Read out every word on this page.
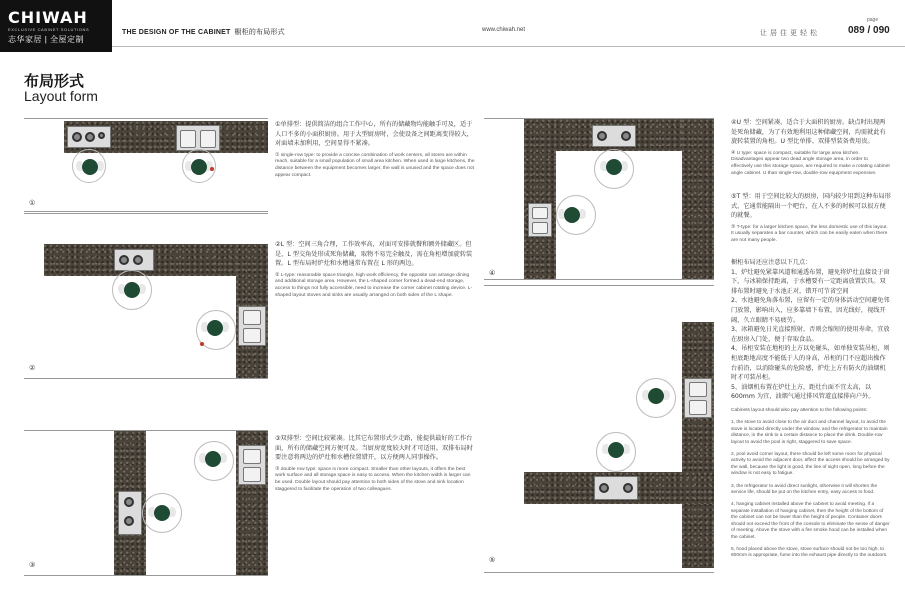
CHIWAH
EXCLUSIVE CABINET SOLUTIONS
志华家居 | 全屋定制
THE DESIGN OF THE CABINET 橱柜的布局形式	www.chiwah.net	让居住更轻松
page
089 / 090
布局形式
Layout form
①
②
③
④
⑤
①单排型：提供简洁的组合工作中心，所有的储藏物均能触手可及，适于人口不多的小面积厨房。用于大型厨房时，会使设备之间距离变得较大，对面墙未加利用，空间显得不紧凑。
① single-row type: to provide a concise combination of work centers, all stores are within reach, suitable for a small population of small area kitchen. When used in large kitchens, the distance between the equipment becomes larger, the wall is unused and the space does not appear compact.
②L 型：空间三角合理，工作效率高，对面可安排就餐和额外储藏区。但是，L 型交角处形成死角储藏，取物不易完全触及，需在角柜增加旋转装置。L 型布局时炉灶和水槽通常布置在 L 形的两边。
② L-type: reasonable space triangle, high work efficiency, the opposite can arrange dining and additional storage area. However, the L-shaped corner formed a dead-end storage, access to things not fully accessible, need to increase the corner cabinet rotating device. L-shaped layout stoves and sinks are usually arranged on both sides of the L shape.
③双排型：空间比较紧凑。比其它布置形式少走路，能提供最好的工作台面，所有的储藏空间方便可及。当厨房宽度较大时才可适用。双排布局时要注意将两边的炉灶和水槽位置错开，以方便两人同事操作。
③ double row type: space is more compact. Smaller than other layouts, it offers the best work surface and all storage space is easy to access. When the kitchen width is larger can be used. Double layout should pay attention to both sides of the stove and sink location staggered to facilitate the operation of two colleagues.
④U 型：空间紧凑，适合于大面积的厨房。缺点时出现两处死角储藏，为了有效地利用这种储藏空间，均需就此有旋转装置的角柜。U 型比单排、双排型装备费用贵。
④ U type: space is compact, suitable for large area kitchen. Disadvantages appear two dead angle storage area, in order to effectively use this storage space, are required to make a rotating cabinet angle cabinet. U than single-row, double-row equipment expensive.
⑤T 型：用于空间比较大的厨房，国内较少用到这种布局形式，它通常能隔出一个吧台，在人不多的时候可以很方便的就餐。
⑤ T-type: for a larger kitchen space, the less domestic use of this layout. It usually separates a bar counter, which can be easily eaten when there are not many people.
橱柜布局还应注意以下几点：
1、炉灶避免紧靠风道和通透布置，避免将炉灶直接设于窗下，与冰箱保持距离，于水槽要有一定距离放置饮具。双排布置时避免于水池正对，错开可节省空间
2、水池避免角落布置，应留有一定的身体活动空间避免邻门放置，影响出入，应多靠墙下布置，因光线好，视线开阔，久立眼睛不易疲劳。
3、冰箱避免日光直接照射，否则会缩短的使用寿命，宜放在厨房入门处，便于存取食品。
4、吊柜安装在地柜的上方以免碰头，如单独安装吊柜，则柜底距地高度不能低于人的身高，吊柜的门不应超出操作台前沿，以消除碰头的危险感，炉灶上方有防火的油烟机时才可装吊柜。
5、油烟机布置在炉灶上方，距灶台面不宜太高，以600mm 为宜，油烟气通过排风管道直接排向户外。
Cabinets layout should also pay attention to the following points:
1, the stove to avoid close to the air duct and channel layout, to avoid the stove is located directly under the window, and the refrigerator to maintain distance, in the sink to a certain distance to place the drink. Double-row layout to avoid the pool is right, staggered to save space.
2, pool avoid corner layout, there should be left some room for physical activity to avoid the adjacent door, affect the access should be arranged by the wall, because the light is good, the line of sight open, long before the window is not easy to fatigue.
3, the refrigerator to avoid direct sunlight, otherwise it will shorten the service life, should be put on the kitchen entry, easy access to food.
4, hanging cabinet installed above the cabinet to avoid meeting. If a separate installation of hanging cabinet, then the height of the bottom of the cabinet can not be lower than the height of people. Container doors should not exceed the front of the console to eliminate the sense of danger of meeting. Above the stove with a fire smoke hood can be installed when the cabinet.
5, hood placed above the stove, stove surface should not be too high, to 600mm is appropriate, fume into the exhaust pipe directly to the outdoors.
